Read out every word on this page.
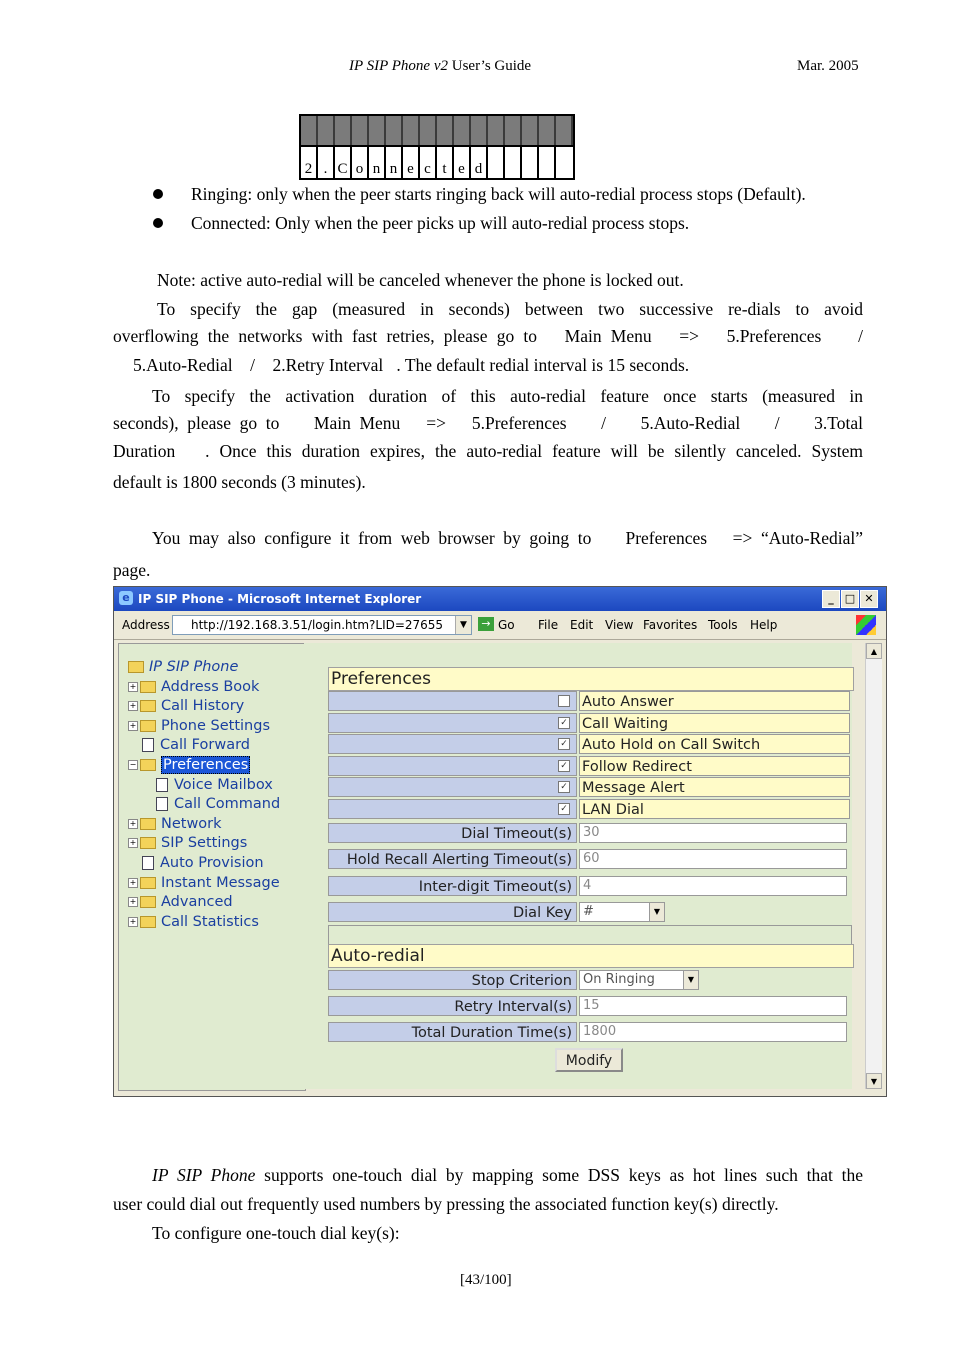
IP SIP Phone v2 User’s Guide	Mar. 2005
2 . C o n n e c t e d
Ringing: only when the peer starts ringing back will auto-redial process stops (Default).
Connected: Only when the peer picks up will auto-redial process stops.
Note: active auto-redial will be canceled whenever the phone is locked out.
To specify the gap (measured in seconds) between two successive re-dials to avoid
overflowing the networks with fast retries, please go to   Main Menu   =>   5.Preferences    /
5.Auto-Redial    /    2.Retry Interval   . The default redial interval is 15 seconds.
To specify the activation duration of this auto-redial feature once starts (measured in
seconds), please go to    Main Menu   =>   5.Preferences    /    5.Auto-Redial    /    3.Total
Duration   . Once this duration expires, the auto-redial feature will be silently canceled. System
default is 1800 seconds (3 minutes).
You may also configure it from web browser by going to    Preferences   => “Auto-Redial”
page.
e IP SIP Phone - Microsoft Internet Explorer	_	□ ✕
Address http://192.168.3.51/login.htm?LID=27655	▼	→ Go File Edit View Favorites Tools Help
IP SIP Phone
+ Address Book
+ Call History
+ Phone Settings
Call Forward
− Preferences
Voice Mailbox
Call Command
+ Network
+ SIP Settings
Auto Provision
+ Instant Message
+ Advanced
+ Call Statistics
Preferences
Auto Answer
✓ Call Waiting
✓ Auto Hold on Call Switch
✓ Follow Redirect
✓ Message Alert
✓ LAN Dial
Dial Timeout(s) 30
Hold Recall Alerting Timeout(s) 60
Inter-digit Timeout(s) 4
Dial Key #	▼
Auto-redial
Stop Criterion On Ringing	▼
Retry Interval(s) 15
Total Duration Time(s) 1800
Modify
▲
▼
IP SIP Phone supports one-touch dial by mapping some DSS keys as hot lines such that the
user could dial out frequently used numbers by pressing the associated function key(s) directly.
To configure one-touch dial key(s):
[43/100]
